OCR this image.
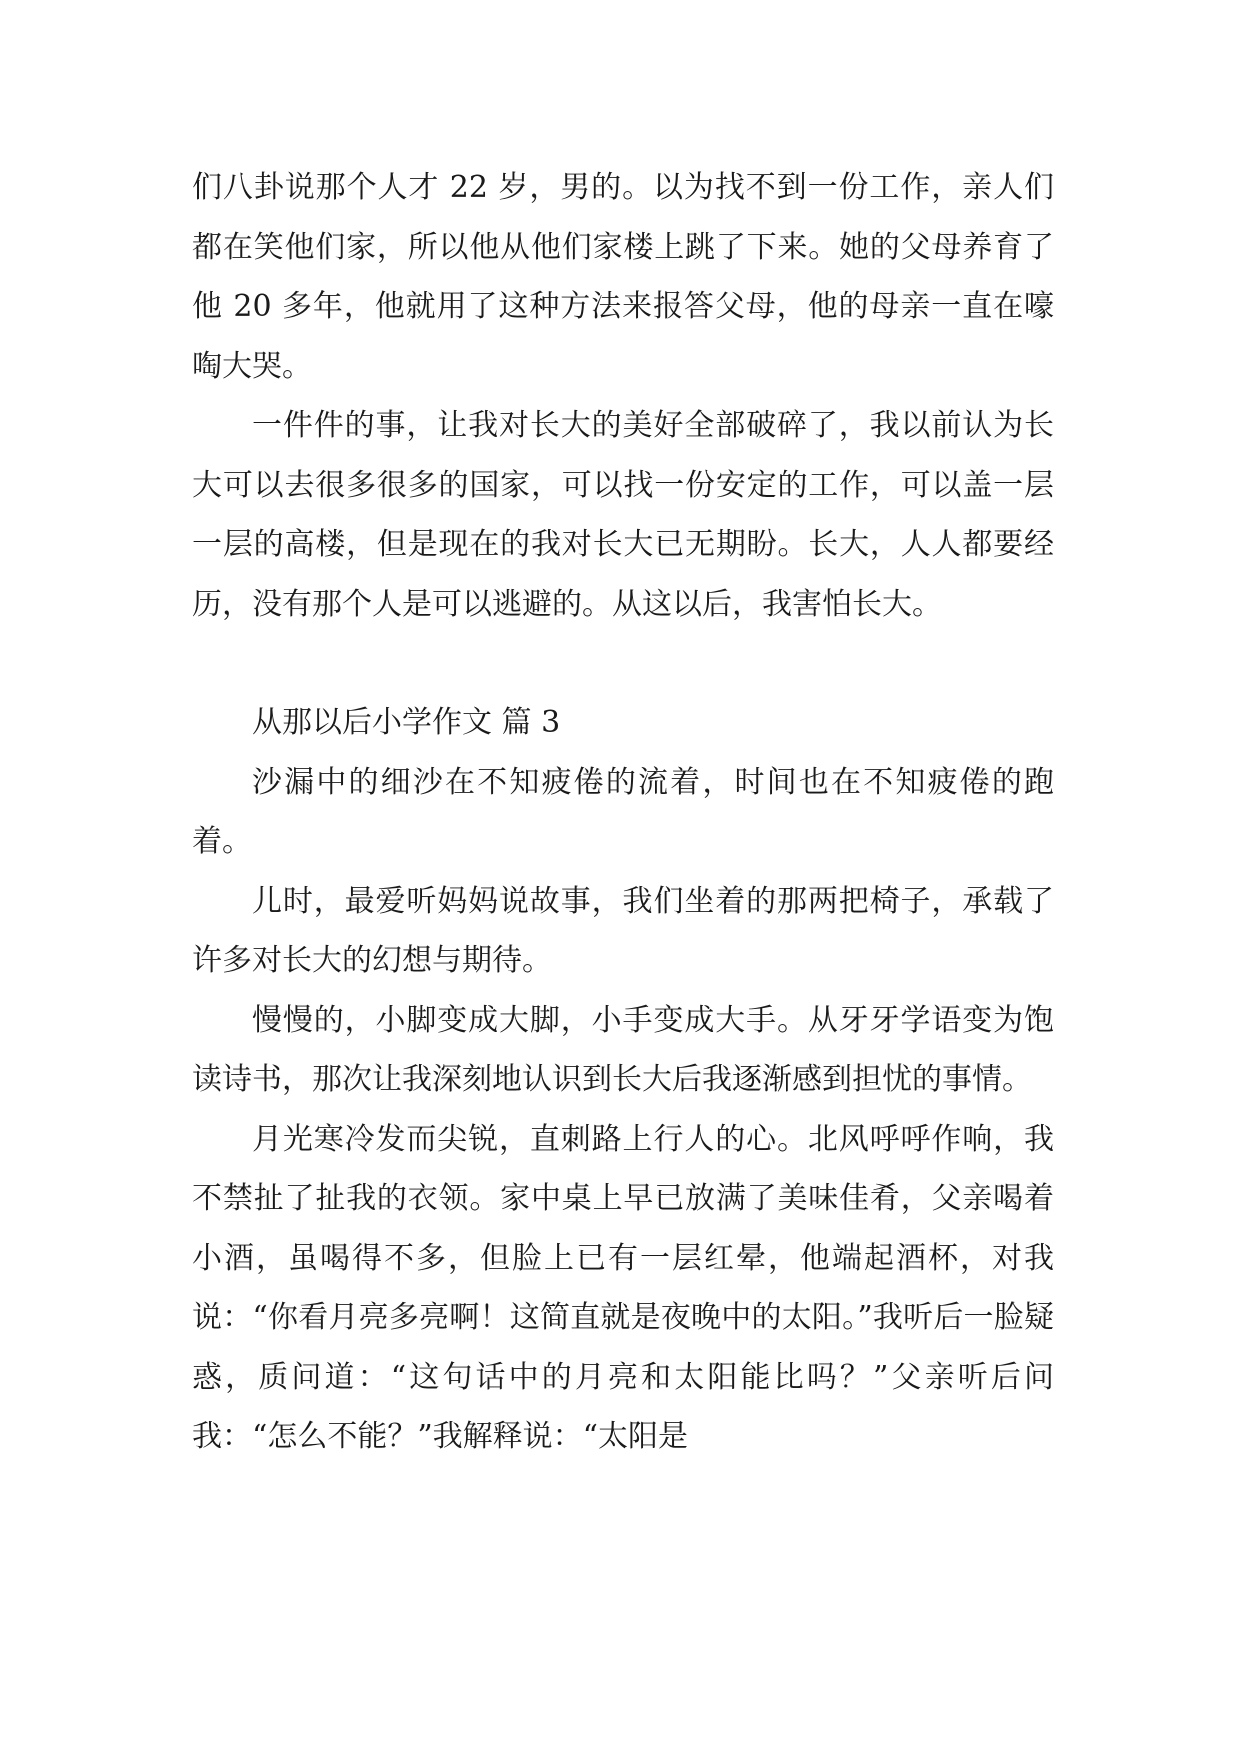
们八卦说那个人才 22 岁，男的。以为找不到一份工作，亲人们都在笑他们家，所以他从他们家楼上跳了下来。她的父母养育了他 20 多年，他就用了这种方法来报答父母，他的母亲一直在嚎啕大哭。

一件件的事，让我对长大的美好全部破碎了，我以前认为长大可以去很多很多的国家，可以找一份安定的工作，可以盖一层一层的高楼，但是现在的我对长大已无期盼。长大，人人都要经历，没有那个人是可以逃避的。从这以后，我害怕长大。

从那以后小学作文 篇 3

沙漏中的细沙在不知疲倦的流着，时间也在不知疲倦的跑着。

儿时，最爱听妈妈说故事，我们坐着的那两把椅子，承载了许多对长大的幻想与期待。

慢慢的，小脚变成大脚，小手变成大手。从牙牙学语变为饱读诗书，那次让我深刻地认识到长大后我逐渐感到担忧的事情。

月光寒冷发而尖锐，直刺路上行人的心。北风呼呼作响，我不禁扯了扯我的衣领。家中桌上早已放满了美味佳肴，父亲喝着小酒，虽喝得不多，但脸上已有一层红晕，他端起酒杯，对我说：“你看月亮多亮啊！这简直就是夜晚中的太阳。”我听后一脸疑惑，质问道：“这句话中的月亮和太阳能比吗？”父亲听后问我：“怎么不能？”我解释说：“太阳是
